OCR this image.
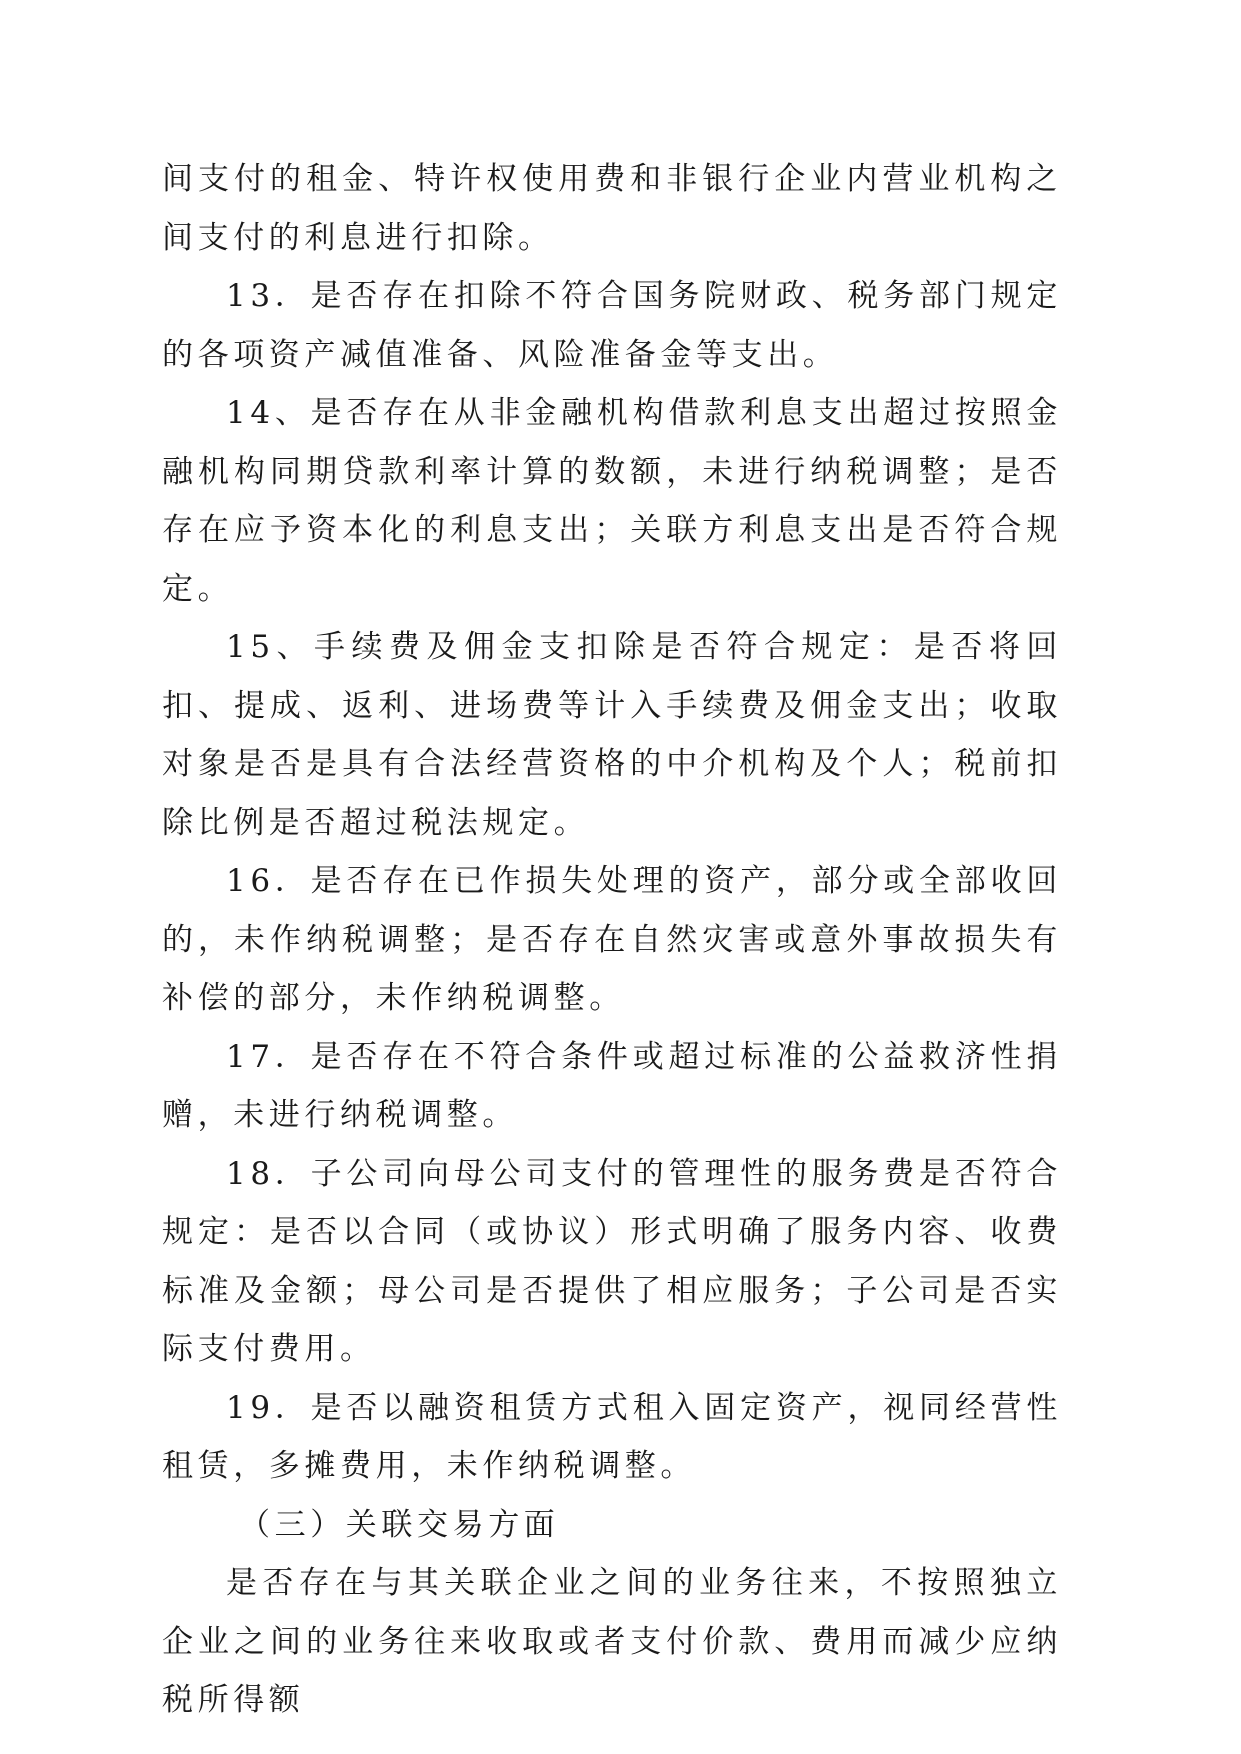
间支付的租金、特许权使用费和非银行企业内营业机构之间支付的利息进行扣除。

13．是否存在扣除不符合国务院财政、税务部门规定的各项资产减值准备、风险准备金等支出。

14、是否存在从非金融机构借款利息支出超过按照金融机构同期贷款利率计算的数额，未进行纳税调整；是否存在应予资本化的利息支出；关联方利息支出是否符合规定。

15、手续费及佣金支扣除是否符合规定：是否将回扣、提成、返利、进场费等计入手续费及佣金支出；收取对象是否是具有合法经营资格的中介机构及个人；税前扣除比例是否超过税法规定。

16．是否存在已作损失处理的资产，部分或全部收回的，未作纳税调整；是否存在自然灾害或意外事故损失有补偿的部分，未作纳税调整。

17．是否存在不符合条件或超过标准的公益救济性捐赠，未进行纳税调整。

18．子公司向母公司支付的管理性的服务费是否符合规定：是否以合同（或协议）形式明确了服务内容、收费标准及金额；母公司是否提供了相应服务；子公司是否实际支付费用。

19．是否以融资租赁方式租入固定资产，视同经营性租赁，多摊费用，未作纳税调整。

（三）关联交易方面

是否存在与其关联企业之间的业务往来，不按照独立企业之间的业务往来收取或者支付价款、费用而减少应纳税所得额
